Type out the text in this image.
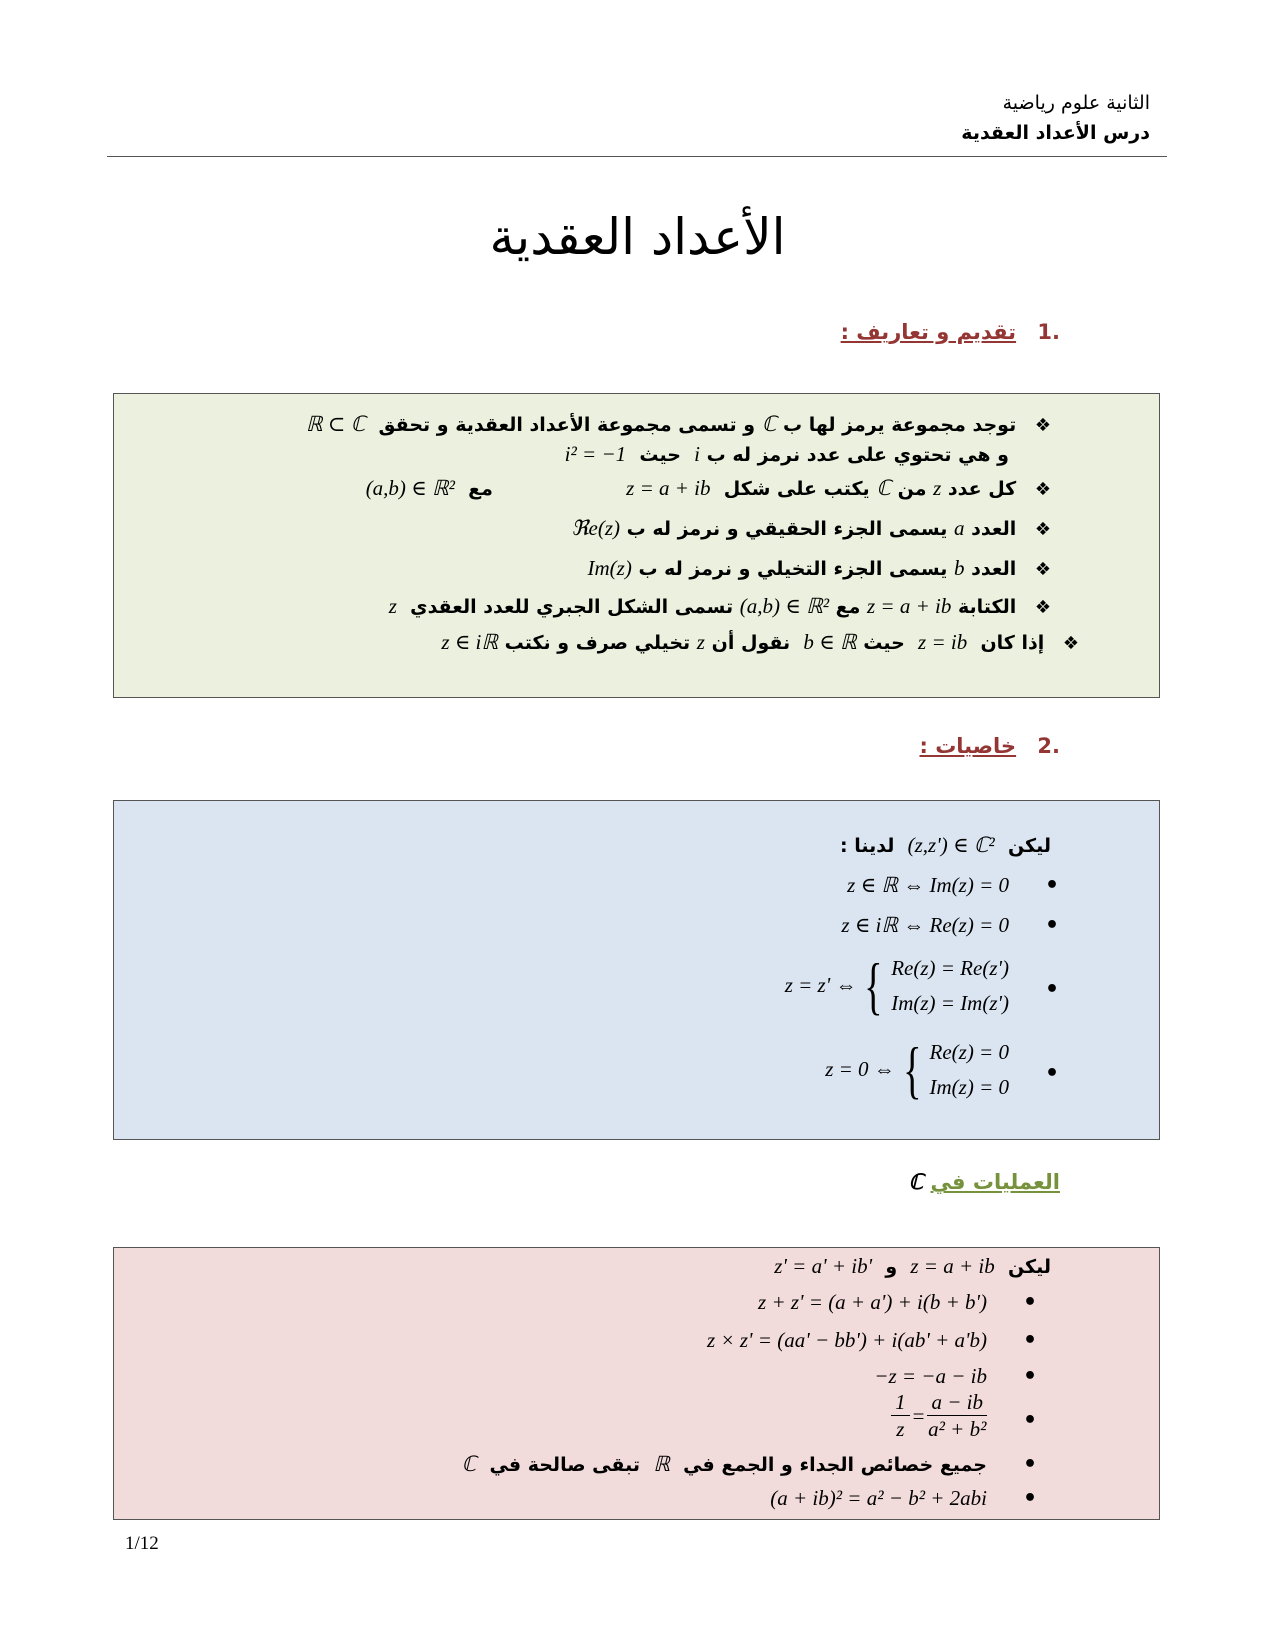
الثانية علوم رياضية
درس الأعداد العقدية
الأعداد العقدية
.1 تقديم و تعاريف :
❖ توجد مجموعة يرمز لها ب ℂ و تسمى مجموعة الأعداد العقدية و تحقق  ℝ ⊂ ℂ
و هي تحتوي على عدد نرمز له ب i  حيث  i² = −1
❖ كل عدد z من ℂ يكتب على شكل  z = a + ib  مع  (a,b) ∈ ℝ²
❖ العدد a يسمى الجزء الحقيقي و نرمز له ب ℜe(z)
❖ العدد b يسمى الجزء التخيلي و نرمز له ب Im(z)
❖ الكتابة z = a + ib مع (a,b) ∈ ℝ² تسمى الشكل الجبري للعدد العقدي  z
❖ إذا كان  z = ib  حيث b ∈ ℝ  نقول أن z تخيلي صرف و نكتب z ∈ iℝ
.2 خاصيات :
ليكن  (z,z') ∈ ℂ²  لدينا :
•
z ∈ ℝ ⇔ Im(z) = 0
•
z ∈ iℝ ⇔ Re(z) = 0
•
z = z' ⇔ { Re(z) = Re(z')
Im(z) = Im(z')
•
z = 0 ⇔ { Re(z) = 0
Im(z) = 0
العمليات في ℂ
ليكن  z = a + ib  و  z' = a' + ib'
•
z + z' = (a + a') + i(b + b')
•
z × z' = (aa' − bb') + i(ab' + a'b)
•
−z = −a − ib
•
$\frac{1}{z} = \frac{a - ib}{\text{a² + b²}}$
•
جميع خصائص الجداء و الجمع في  ℝ  تبقى صالحة في  ℂ
•
(a + ib)² = a² − b² + 2abi
1/12
